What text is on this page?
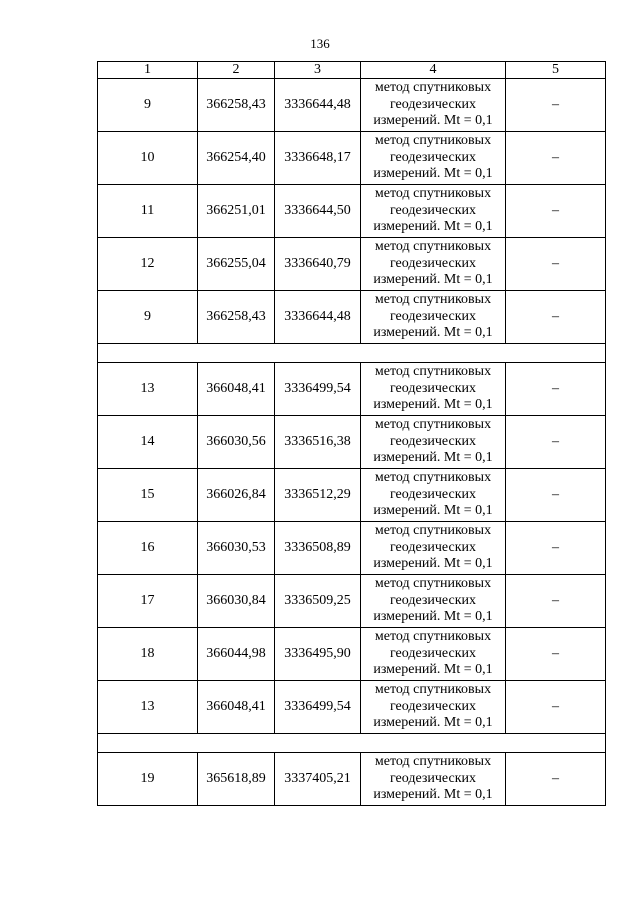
136
1	2	3	4	5
9	366258,43	3336644,48	метод спутниковых геодезических измерений. Mt = 0,1	–
10	366254,40	3336648,17	метод спутниковых геодезических измерений. Mt = 0,1	–
11	366251,01	3336644,50	метод спутниковых геодезических измерений. Mt = 0,1	–
12	366255,04	3336640,79	метод спутниковых геодезических измерений. Mt = 0,1	–
9	366258,43	3336644,48	метод спутниковых геодезических измерений. Mt = 0,1	–

13	366048,41	3336499,54	метод спутниковых геодезических измерений. Mt = 0,1	–
14	366030,56	3336516,38	метод спутниковых геодезических измерений. Mt = 0,1	–
15	366026,84	3336512,29	метод спутниковых геодезических измерений. Mt = 0,1	–
16	366030,53	3336508,89	метод спутниковых геодезических измерений. Mt = 0,1	–
17	366030,84	3336509,25	метод спутниковых геодезических измерений. Mt = 0,1	–
18	366044,98	3336495,90	метод спутниковых геодезических измерений. Mt = 0,1	–
13	366048,41	3336499,54	метод спутниковых геодезических измерений. Mt = 0,1	–

19	365618,89	3337405,21	метод спутниковых геодезических измерений. Mt = 0,1	–
